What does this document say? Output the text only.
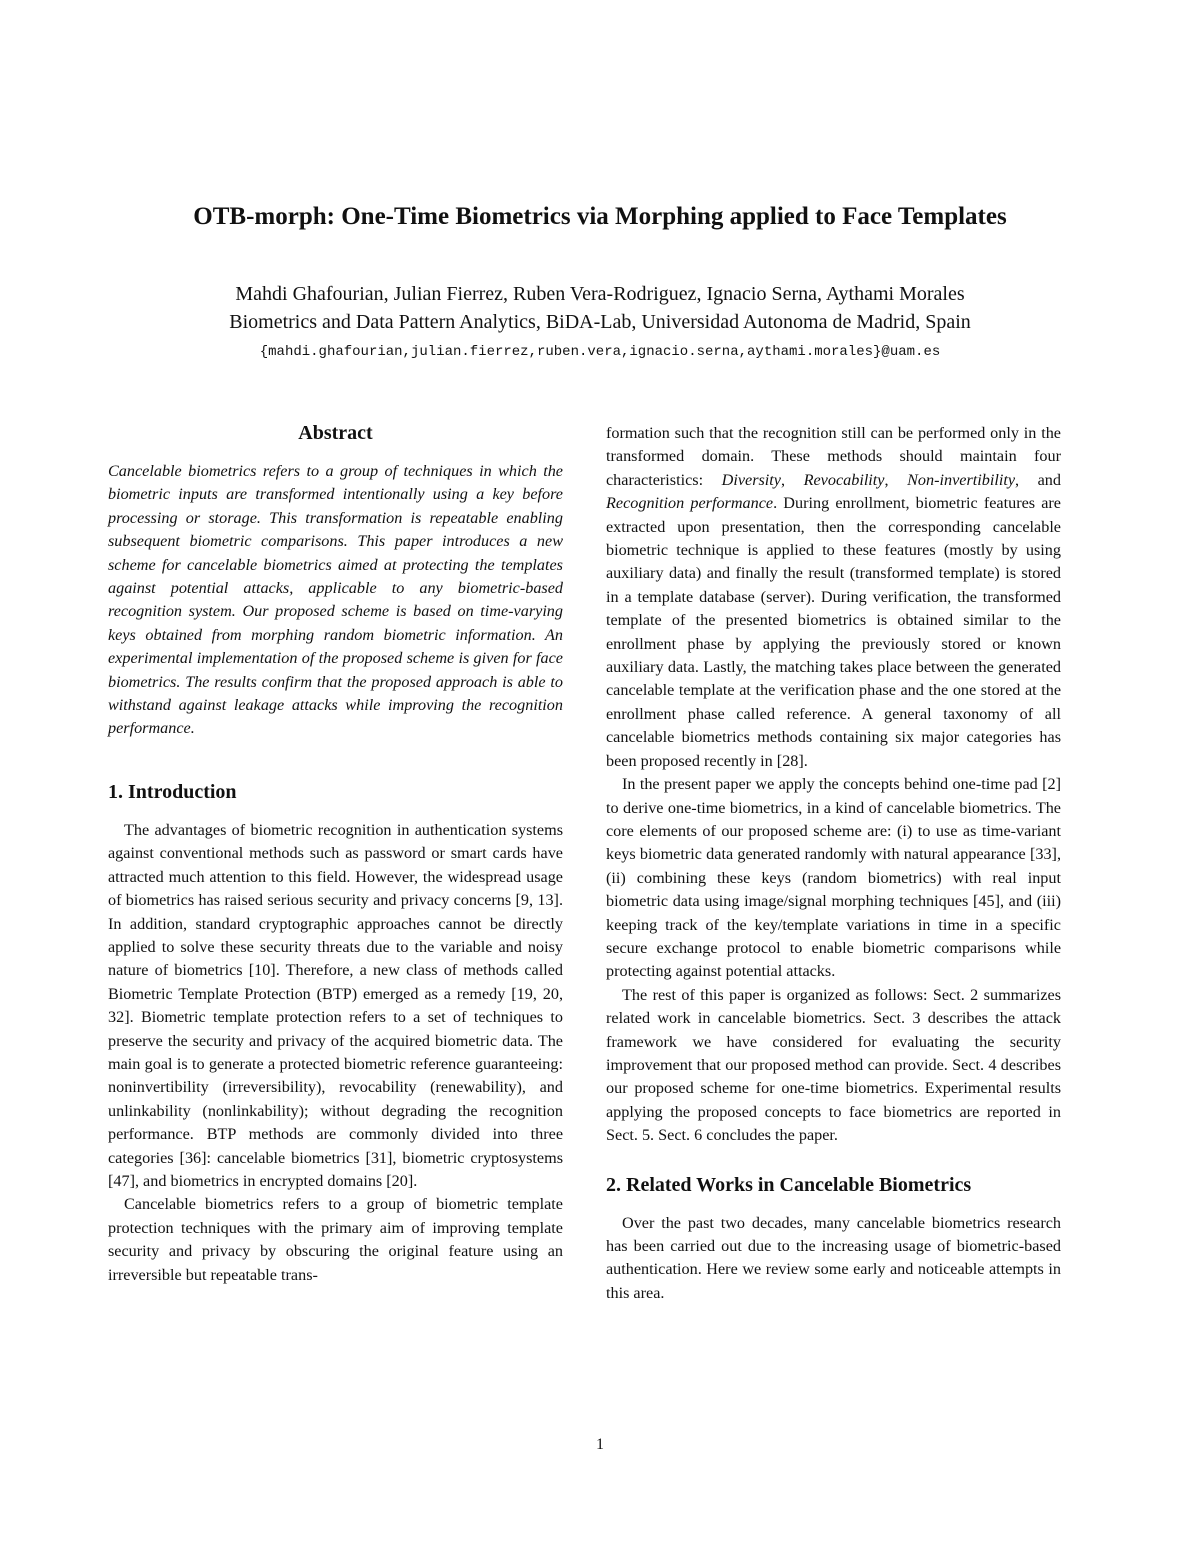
OTB-morph: One-Time Biometrics via Morphing applied to Face Templates
Mahdi Ghafourian, Julian Fierrez, Ruben Vera-Rodriguez, Ignacio Serna, Aythami Morales
Biometrics and Data Pattern Analytics, BiDA-Lab, Universidad Autonoma de Madrid, Spain
{mahdi.ghafourian,julian.fierrez,ruben.vera,ignacio.serna,aythami.morales}@uam.es
Abstract

Cancelable biometrics refers to a group of techniques in which the biometric inputs are transformed intentionally using a key before processing or storage. This transformation is repeatable enabling subsequent biometric comparisons. This paper introduces a new scheme for cancelable biometrics aimed at protecting the templates against potential attacks, applicable to any biometric-based recognition system. Our proposed scheme is based on time-varying keys obtained from morphing random biometric information. An experimental implementation of the proposed scheme is given for face biometrics. The results confirm that the proposed approach is able to withstand against leakage attacks while improving the recognition performance.

1. Introduction

The advantages of biometric recognition in authentication systems against conventional methods such as password or smart cards have attracted much attention to this field. However, the widespread usage of biometrics has raised serious security and privacy concerns [9, 13]. In addition, standard cryptographic approaches cannot be directly applied to solve these security threats due to the variable and noisy nature of biometrics [10]. Therefore, a new class of methods called Biometric Template Protection (BTP) emerged as a remedy [19, 20, 32]. Biometric template protection refers to a set of techniques to preserve the security and privacy of the acquired biometric data. The main goal is to generate a protected biometric reference guaranteeing: noninvertibility (irreversibility), revocability (renewability), and unlinkability (nonlinkability); without degrading the recognition performance. BTP methods are commonly divided into three categories [36]: cancelable biometrics [31], biometric cryptosystems [47], and biometrics in encrypted domains [20].

Cancelable biometrics refers to a group of biometric template protection techniques with the primary aim of improving template security and privacy by obscuring the original feature using an irreversible but repeatable trans-

formation such that the recognition still can be performed only in the transformed domain. These methods should maintain four characteristics: Diversity, Revocability, Non-invertibility, and Recognition performance. During enrollment, biometric features are extracted upon presentation, then the corresponding cancelable biometric technique is applied to these features (mostly by using auxiliary data) and finally the result (transformed template) is stored in a template database (server). During verification, the transformed template of the presented biometrics is obtained similar to the enrollment phase by applying the previously stored or known auxiliary data. Lastly, the matching takes place between the generated cancelable template at the verification phase and the one stored at the enrollment phase called reference. A general taxonomy of all cancelable biometrics methods containing six major categories has been proposed recently in [28].

In the present paper we apply the concepts behind one-time pad [2] to derive one-time biometrics, in a kind of cancelable biometrics. The core elements of our proposed scheme are: (i) to use as time-variant keys biometric data generated randomly with natural appearance [33], (ii) combining these keys (random biometrics) with real input biometric data using image/signal morphing techniques [45], and (iii) keeping track of the key/template variations in time in a specific secure exchange protocol to enable biometric comparisons while protecting against potential attacks.

The rest of this paper is organized as follows: Sect. 2 summarizes related work in cancelable biometrics. Sect. 3 describes the attack framework we have considered for evaluating the security improvement that our proposed method can provide. Sect. 4 describes our proposed scheme for one-time biometrics. Experimental results applying the proposed concepts to face biometrics are reported in Sect. 5. Sect. 6 concludes the paper.

2. Related Works in Cancelable Biometrics

Over the past two decades, many cancelable biometrics research has been carried out due to the increasing usage of biometric-based authentication. Here we review some early and noticeable attempts in this area.

1
